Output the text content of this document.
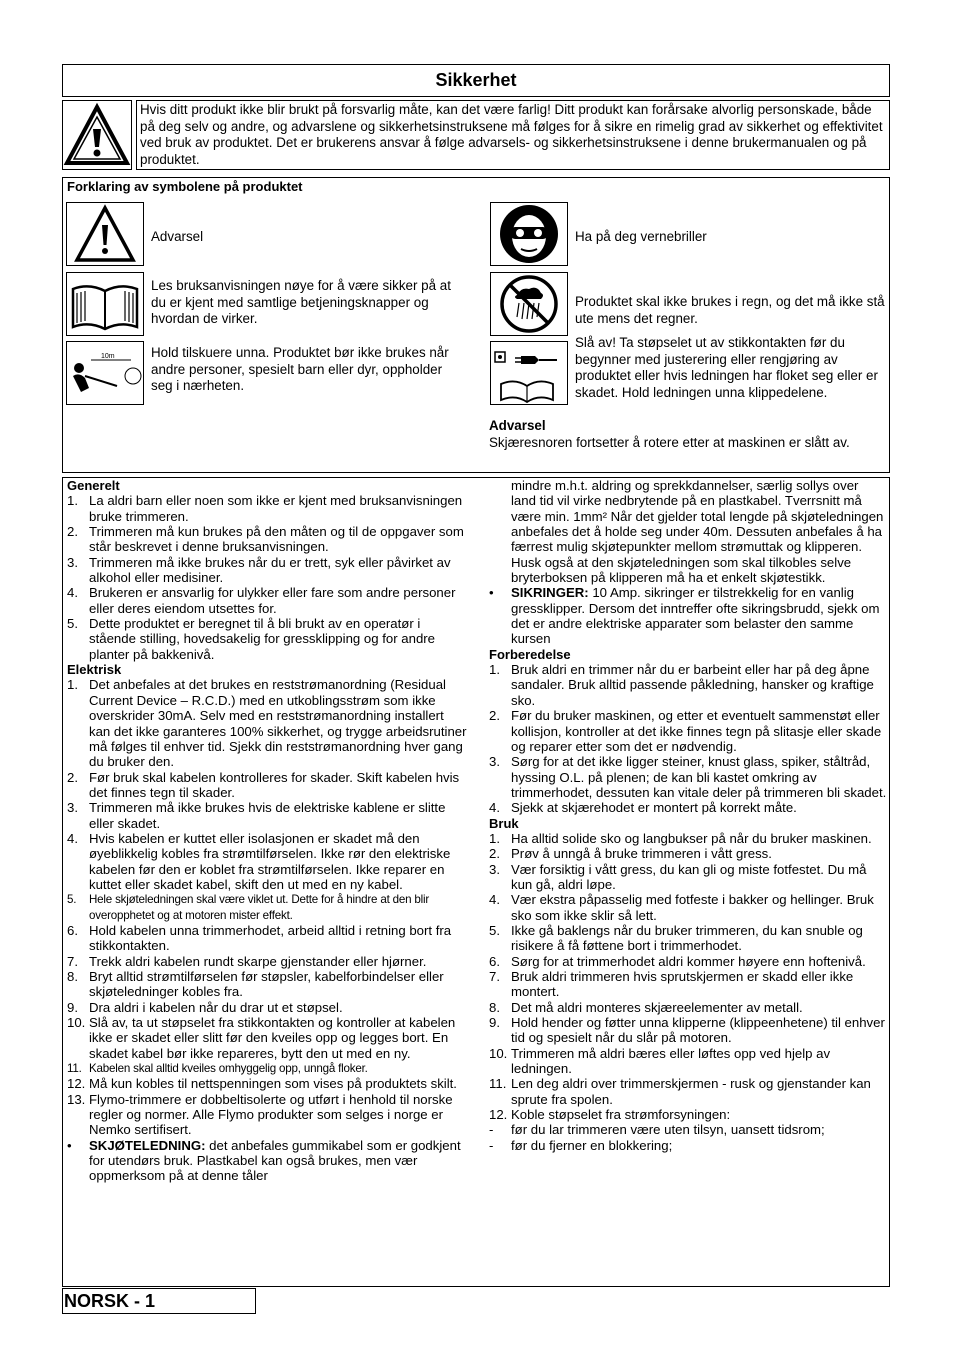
Sikkerhet
Hvis ditt produkt ikke blir brukt på forsvarlig måte, kan det være farlig! Ditt produkt kan forårsake alvorlig personskade, både på deg selv og andre, og advarslene og sikkerhetsinstruksene må følges for å sikre en rimelig grad av sikkerhet og effektivitet ved bruk av produktet. Det er brukerens ansvar å følge advarsels- og sikkerhetsinstruksene i denne brukermanualen og på produktet.
Forklaring av symbolene på produktet
Advarsel
Les bruksanvisningen nøye for å være sikker på at du er kjent med samtlige betjeningsknapper og hvordan de virker.
10m	Hold tilskuere unna. Produktet bør ikke brukes når andre personer, spesielt barn eller dyr, oppholder seg i nærheten.
Ha på deg vernebriller
Produktet skal ikke brukes i regn, og det må ikke stå ute mens det regner.
Slå av! Ta støpselet ut av stikkontakten før du begynner med justerering eller rengjøring av produktet eller hvis ledningen har floket seg eller er skadet. Hold ledningen unna klippedelene.
Advarsel
Skjæresnoren fortsetter å rotere etter at maskinen er slått av.
Generelt
1. La aldri barn eller noen som ikke er kjent med bruksanvisningen bruke trimmeren.
2. Trimmeren må kun brukes på den måten og til de oppgaver som står beskrevet i denne bruksanvisningen.
3. Trimmeren må ikke brukes når du er trett, syk eller påvirket av alkohol eller medisiner.
4. Brukeren er ansvarlig for ulykker eller fare som andre personer eller deres eiendom utsettes for.
5. Dette produktet er beregnet til å bli brukt av en operatør i stående stilling, hovedsakelig for gressklipping og for andre planter på bakkenivå.
Elektrisk
1. Det anbefales at det brukes en reststrømanordning (Residual Current Device – R.C.D.) med en utkoblingsstrøm som ikke overskrider 30mA. Selv med en reststrømanordning installert kan det ikke garanteres 100% sikkerhet, og trygge arbeidsrutiner må følges til enhver tid. Sjekk din reststrømanordning hver gang du bruker den.
2. Før bruk skal kabelen kontrolleres for skader. Skift kabelen hvis det finnes tegn til skader.
3. Trimmeren må ikke brukes hvis de elektriske kablene er slitte eller skadet.
4. Hvis kabelen er kuttet eller isolasjonen er skadet må den øyeblikkelig kobles fra strømtilførselen. Ikke rør den elektriske kabelen før den er koblet fra strømtilførselen. Ikke reparer en kuttet eller skadet kabel, skift den ut med en ny kabel.
5.	Hele skjøteledningen skal være viklet ut. Dette for å hindre at den blir overopphetet og at motoren mister effekt.
6. Hold kabelen unna trimmerhodet, arbeid alltid i retning bort fra stikkontakten.
7. Trekk aldri kabelen rundt skarpe gjenstander eller hjørner.
8. Bryt alltid strømtilførselen før støpsler, kabelforbindelser eller skjøteledninger kobles fra.
9. Dra aldri i kabelen når du drar ut et støpsel.
10. Slå av, ta ut støpselet fra stikkontakten og kontroller at kabelen ikke er skadet eller slitt før den kveiles opp og legges bort. En skadet kabel bør ikke repareres, bytt den ut med en ny.
11. Kabelen skal alltid kveiles omhyggelig opp, unngå floker.
12. Må kun kobles til nettspenningen som vises på produktets skilt.
13. Flymo-trimmere er dobbeltisolerte og utført i henhold til norske regler og normer. Alle Flymo produkter som selges i norge er Nemko sertifisert.
•	SKJØTELEDNING: det anbefales gummikabel som er godkjent for utendørs bruk. Plastkabel kan også brukes, men vær oppmerksom på at denne tåler
mindre m.h.t. aldring og sprekkdannelser, særlig sollys over land tid vil virke nedbrytende på en plastkabel. Tverrsnitt må være min. 1mm² Når det gjelder total lengde på skjøteledningen anbefales det å holde seg under 40m. Dessuten anbefales å ha færrest mulig skjøtepunkter mellom strømuttak og klipperen. Husk også at den skjøteledningen som skal tilkobles selve bryterboksen på klipperen må ha et enkelt skjøtestikk.
•	SIKRINGER: 10 Amp. sikringer er tilstrekkelig for en vanlig gressklipper. Dersom det inntreffer ofte sikringsbrudd, sjekk om det er andre elektriske apparater som belaster den samme kursen
Forberedelse
1. Bruk aldri en trimmer når du er barbeint eller har på deg åpne sandaler. Bruk alltid passende påkledning, hansker og kraftige sko.
2. Før du bruker maskinen, og etter et eventuelt sammenstøt eller kollisjon, kontroller at det ikke finnes tegn på slitasje eller skade og reparer etter som det er nødvendig.
3. Sørg for at det ikke ligger steiner, knust glass, spiker, ståltråd, hyssing O.L. på plenen; de kan bli kastet omkring av trimmerhodet, dessuten kan vitale deler på trimmeren bli skadet.
4. Sjekk at skjærehodet er montert på korrekt måte.
Bruk
1. Ha alltid solide sko og langbukser på når du bruker maskinen.
2. Prøv å unngå å bruke trimmeren i vått gress.
3. Vær forsiktig i vått gress, du kan gli og miste fotfestet. Du må kun gå, aldri løpe.
4. Vær ekstra påpasselig med fotfeste i bakker og hellinger. Bruk sko som ikke sklir så lett.
5. Ikke gå baklengs når du bruker trimmeren, du kan snuble og risikere å få føttene bort i trimmerhodet.
6. Sørg for at trimmerhodet aldri kommer høyere enn hoftenivå.
7. Bruk aldri trimmeren hvis sprutskjermen er skadd eller ikke montert.
8. Det må aldri monteres skjæreelementer av metall.
9. Hold hender og føtter unna klipperne (klippeenhetene) til enhver tid og spesielt når du slår på motoren.
10. Trimmeren må aldri bæres eller løftes opp ved hjelp av ledningen.
11. Len deg aldri over trimmerskjermen - rusk og gjenstander kan sprute fra spolen.
12. Koble støpselet fra strømforsyningen:
-	før du lar trimmeren være uten tilsyn, uansett tidsrom;
-	før du fjerner en blokkering;
NORSK - 1
